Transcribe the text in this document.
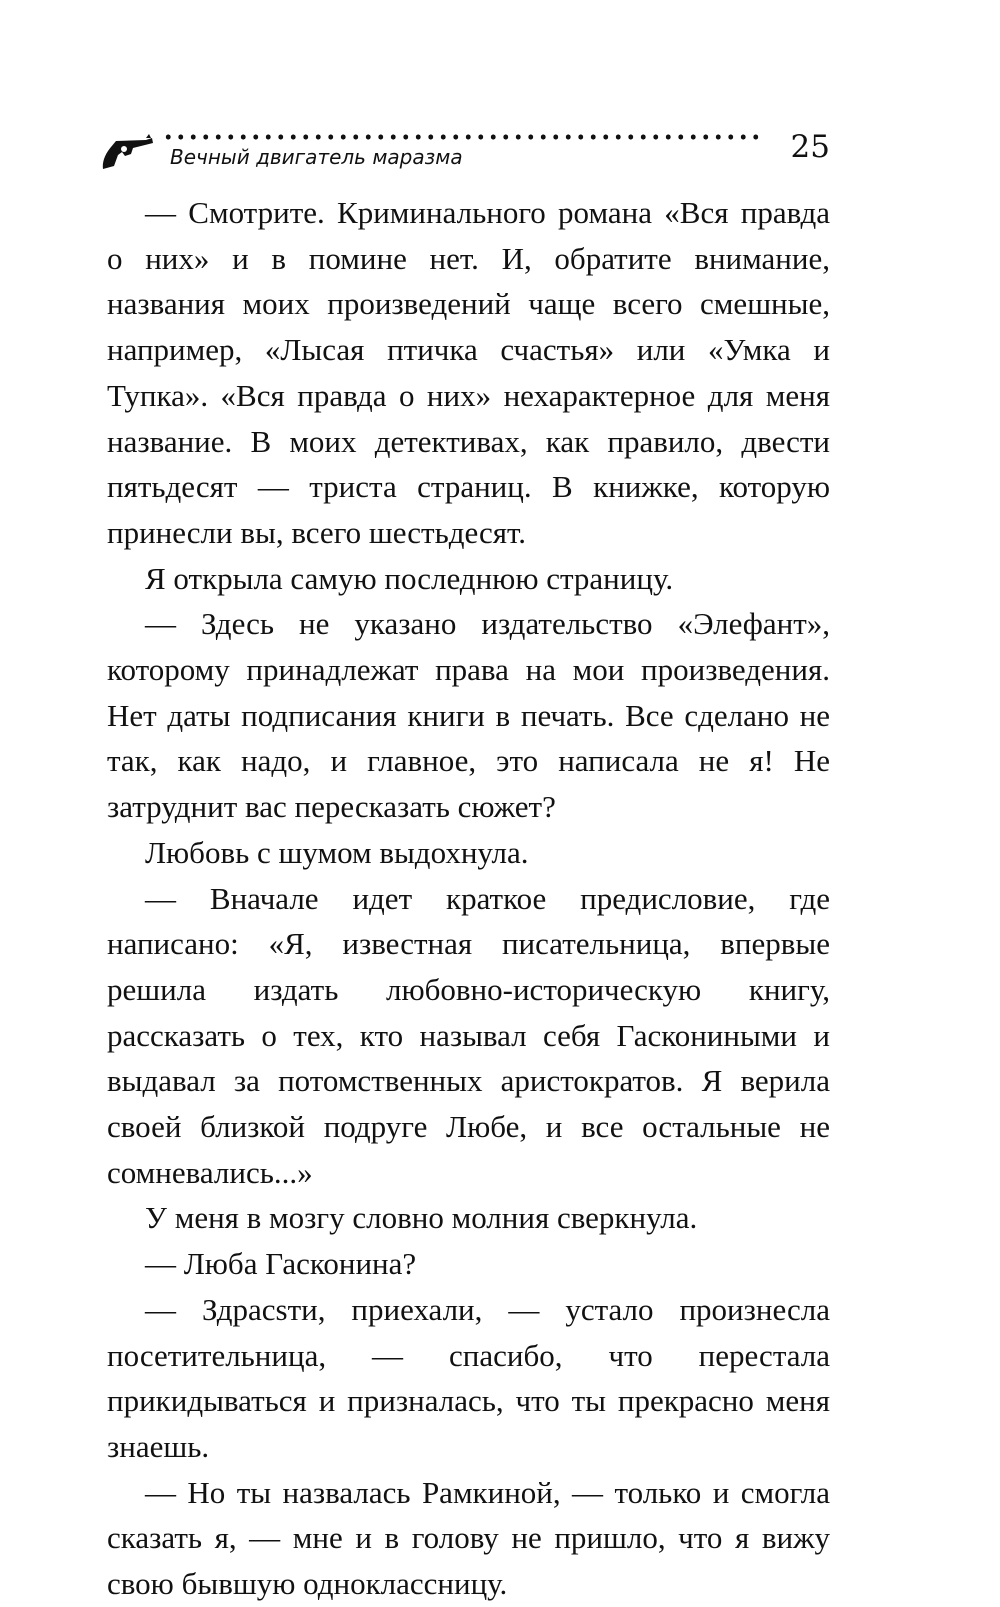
Вечный двигатель маразма	25

— Смотрите. Криминального романа «Вся правда о них» и в помине нет. И, обратите внимание, названия моих произведений чаще всего смешные, например, «Лысая птичка счастья» или «Умка и Тупка». «Вся правда о них» нехарактерное для меня название. В моих детективах, как правило, двести пятьдесят — триста страниц. В книжке, которую принесли вы, всего шестьдесят.

Я открыла самую последнюю страницу.

— Здесь не указано издательство «Элефант», которому принадлежат права на мои произведения. Нет даты подписания книги в печать. Все сделано не так, как надо, и главное, это написала не я! Не затруднит вас пересказать сюжет?

Любовь с шумом выдохнула.

— Вначале идет краткое предисловие, где написано: «Я, известная писательница, впервые решила издать любовно-историческую книгу, рассказать о тех, кто называл себя Гаскониными и выдавал за потомственных аристократов. Я верила своей близкой подруге Любе, и все остальные не сомневались...»

У меня в мозгу словно молния сверкнула.

— Люба Гасконина?

— Здрасsти, приехали, — устало произнесла посетительница, — спасибо, что перестала прикидываться и призналась, что ты прекрасно меня знаешь.

— Но ты назвалась Рамкиной, — только и смогла сказать я, — мне и в голову не пришло, что я вижу свою бывшую одноклассницу.
